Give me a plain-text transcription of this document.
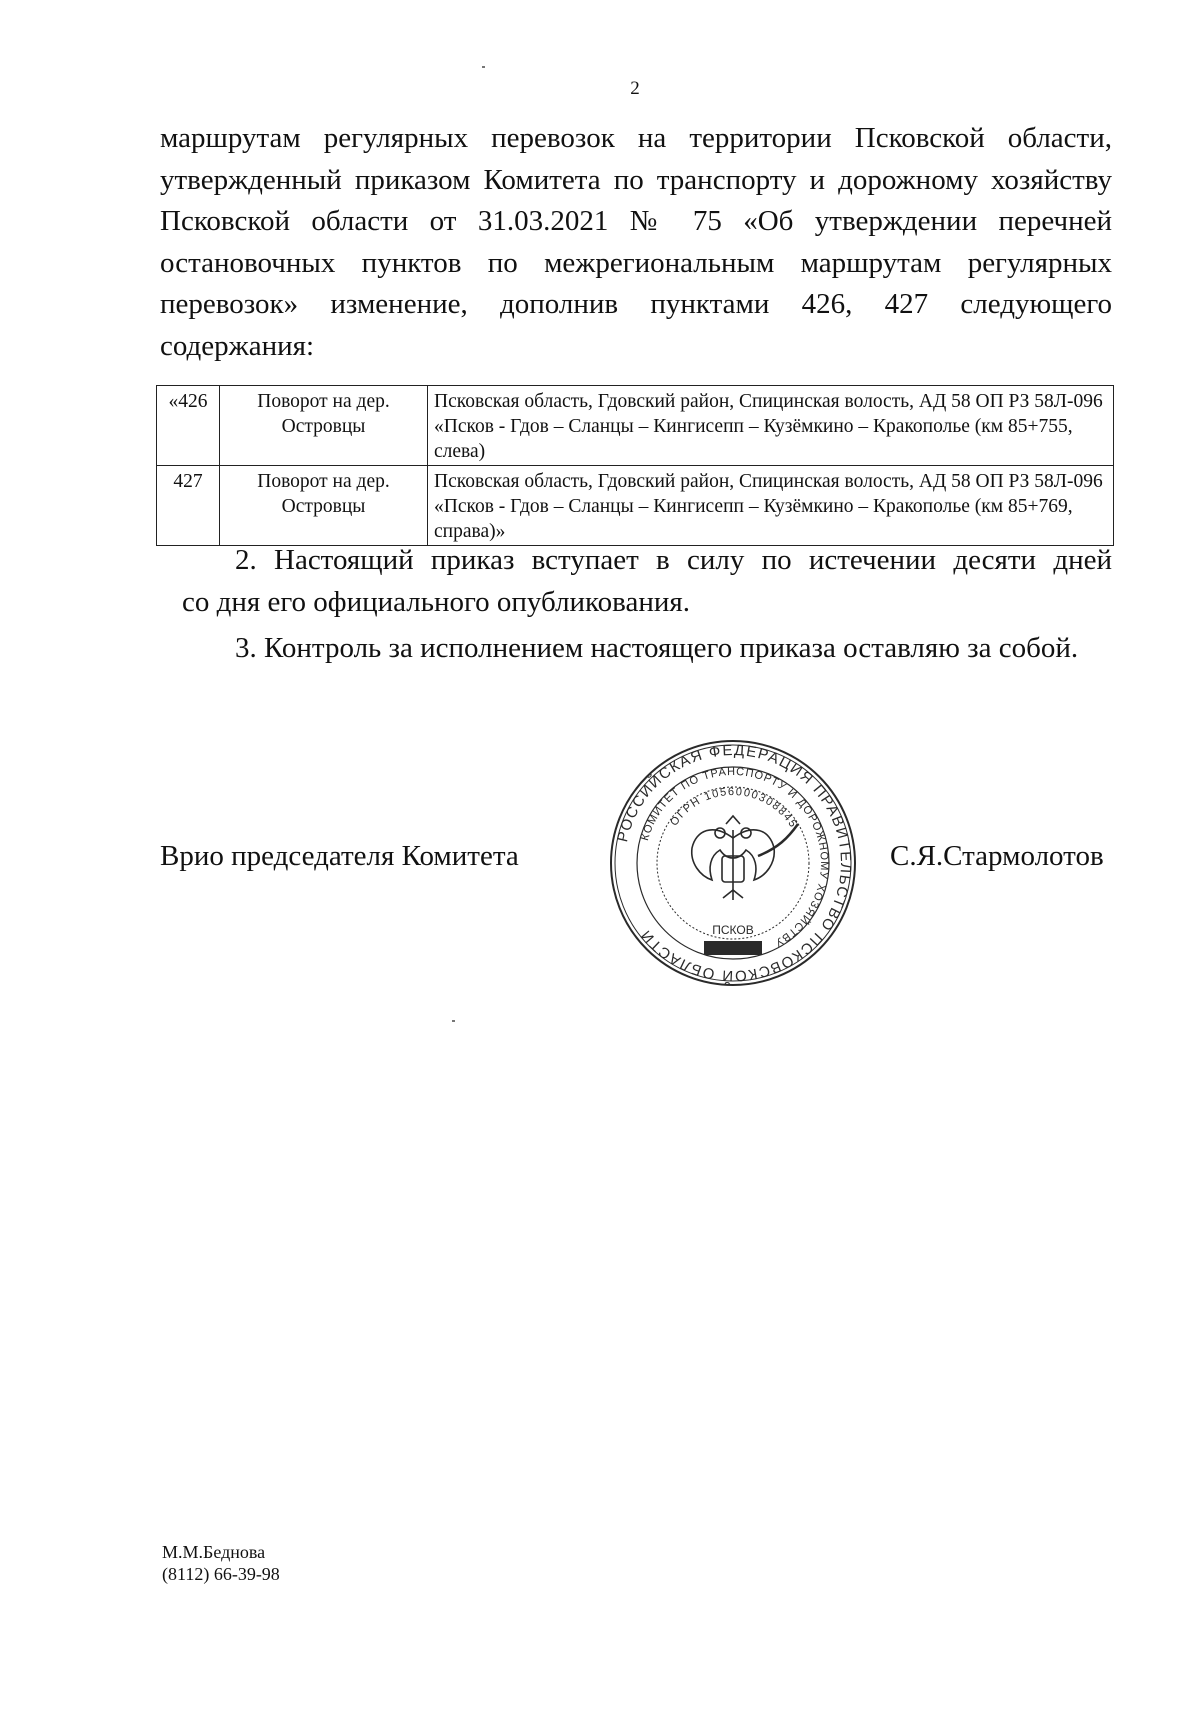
2
маршрутам регулярных перевозок на территории Псковской области,
утвержденный приказом Комитета по транспорту и дорожному хозяйству
Псковской области от 31.03.2021 № 75 «Об утверждении перечней
остановочных пунктов по межрегиональным маршрутам регулярных
перевозок» изменение, дополнив пунктами 426, 427 следующего
содержания:
«426	Поворот на дер. Островцы	Псковская область, Гдовский район, Спицинская волость, АД 58 ОП РЗ 58Л-096 «Псков - Гдов – Сланцы – Кингисепп – Кузёмкино – Кракополье (км 85+755, слева)
427	Поворот на дер. Островцы	Псковская область, Гдовский район, Спицинская волость, АД 58 ОП РЗ 58Л-096 «Псков - Гдов – Сланцы – Кингисепп – Кузёмкино – Кракополье (км 85+769, справа)»
2. Настоящий приказ вступает в силу по истечении десяти дней
со дня его официального опубликования.
3. Контроль за исполнением настоящего приказа оставляю за собой.
Врио председателя Комитета
РОССИЙСКАЯ ФЕДЕРАЦИЯ ПРАВИТЕЛЬСТВО ПСКОВСКОЙ ОБЛАСТИ
КОМИТЕТ ПО ТРАНСПОРТУ И ДОРОЖНОМУ ХОЗЯЙСТВУ
ОГРН 1056000308845
ПСКОВ
С.Я.Стармолотов
М.М.Беднова
(8112) 66-39-98
